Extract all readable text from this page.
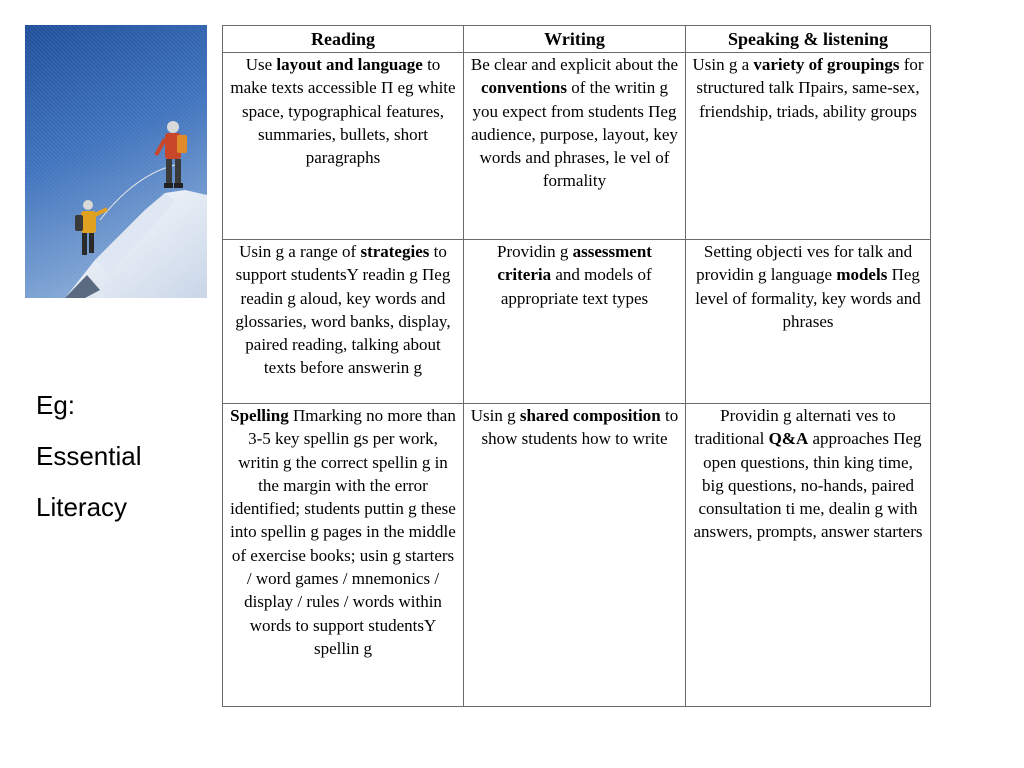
Eg:
Essential
Literacy
Reading	Writing	Speaking & listening
Use layout and language to make texts accessible Π eg white space, typographical features, summaries, bullets, short paragraphs	Be clear and explicit about the conventions of the writin g you expect from students Πeg audience, purpose, layout, key words and phrases, le vel of formality	Usin g a variety of groupings for structured talk Πpairs, same-sex, friendship, triads, ability groups
Usin g a range of strategies to support studentsY readin g Πeg readin g aloud, key words and glossaries, word banks, display, paired reading, talking about texts before answerin g	Providin g assessment criteria and models of appropriate text types	Setting objecti ves for talk and providin g language models Πeg level of formality, key words and phrases
Spelling Πmarking no more than 3-5 key spellin gs per work, writin g the correct spellin g in the margin with the error identified; students puttin g these into spellin g pages in the middle of exercise books; usin g starters / word games / mnemonics / display / rules / words within words to support studentsY spellin g	Usin g shared composition to show students how to write	Providin g alternati ves to traditional Q&A approaches Πeg open questions, thin king time, big questions, no-hands, paired consultation ti me, dealin g with answers, prompts, answer starters
